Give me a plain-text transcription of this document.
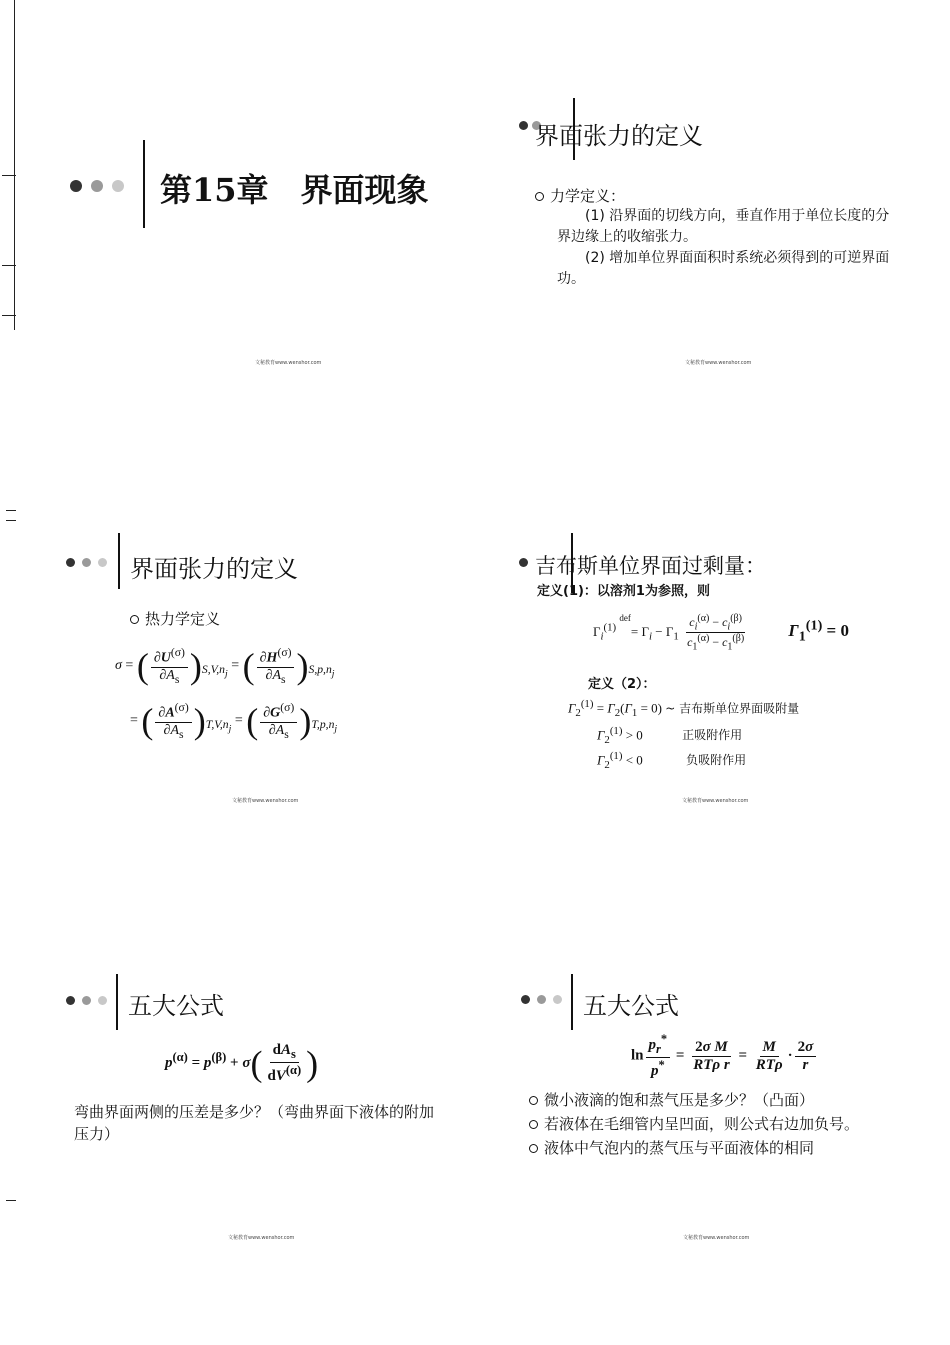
第15章　界面现象
文秘教育www.wenshor.com
界面张力的定义
力学定义：
(1) 沿界面的切线方向，垂直作用于单位长度的分界边缘上的收缩张力。
(2) 增加单位界面面积时系统必须得到的可逆界面功。
文秘教育www.wenshor.com
界面张力的定义
热力学定义
σ = ( $\frac{\partial U^{(\sigma)}}{\partial A_s} )_{S,V,n_j}$ = ( $\frac{\partial H^{(\sigma)}}{\partial A_s} )_{S,p,n_j}$
= ( $\frac{\partial A^{(\sigma)}}{\partial A_s} )_{T,V,n_j}$ = ( $\frac{\partial G^{(\sigma)}}{\partial A_s} )_{T,p,n_j}$
文秘教育www.wenshor.com
吉布斯单位界面过剩量：
定义(1)：以溶剂1为参照，则
$\Gamma_i^{(1)}$ $^{def}= \Gamma_i - \Gamma_1 \frac{c_i^{(\alpha)} - c_i^{(\beta)}}{c_1^{(\alpha)} - c_1^{(\beta)}} \Gamma_1^{(1)} = 0$
定义（2）：
$\Gamma_2^{(1)} = \Gamma_2(\Gamma_1 = 0)$ ~ 吉布斯单位界面吸附量
$\Gamma_2^{(1)} > 0$	正吸附作用
$\Gamma_2^{(1)} < 0$	负吸附作用
文秘教育www.wenshor.com
五大公式
$p^{(\alpha)} = p^{(\beta)} + \sigma( \frac{dA_s}{dV^{(\alpha)}}$ )
弯曲界面两侧的压差是多少？（弯曲界面下液体的附加压力）
文秘教育www.wenshor.com
五大公式
$\ln \frac{p_r^*}{p^*} = \frac{\text{2σ M}}{\text{RTρ r}} = \frac{M}{\text{RTρ}} \cdot \frac{2\sigma}{r}$
微小液滴的饱和蒸气压是多少？（凸面）
若液体在毛细管内呈凹面，则公式右边加负号。
液体中气泡内的蒸气压与平面液体的相同
文秘教育www.wenshor.com
